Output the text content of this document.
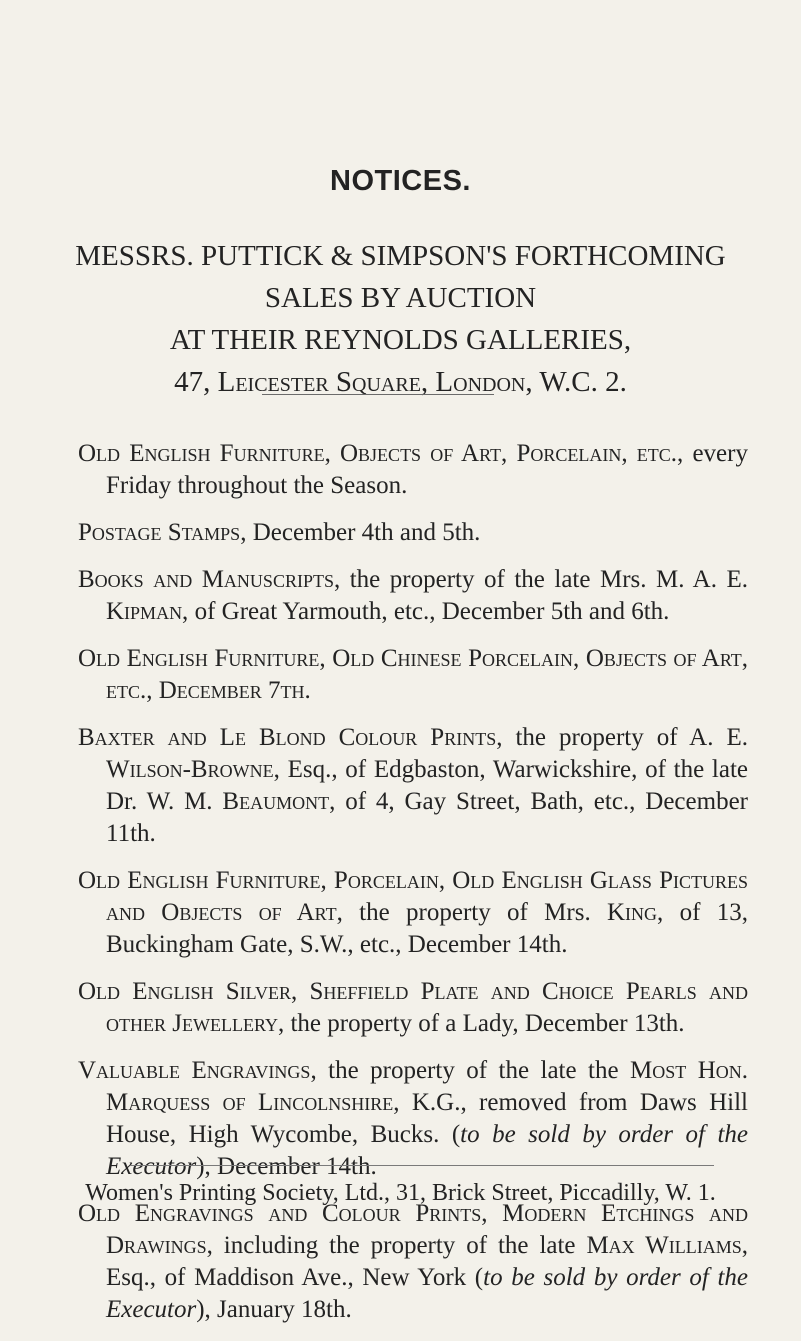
NOTICES.
MESSRS. PUTTICK & SIMPSON'S FORTHCOMING
SALES BY AUCTION
AT THEIR REYNOLDS GALLERIES,
47, Leicester Square, London, W.C. 2.

Old English Furniture, Objects of Art, Porcelain, etc., every Friday throughout the Season.

Postage Stamps, December 4th and 5th.

Books and Manuscripts, the property of the late Mrs. M. A. E. Kipman, of Great Yarmouth, etc., December 5th and 6th.

Old English Furniture, Old Chinese Porcelain, Objects of Art, etc., December 7th.

Baxter and Le Blond Colour Prints, the property of A. E. Wilson-Browne, Esq., of Edgbaston, Warwickshire, of the late Dr. W. M. Beaumont, of 4, Gay Street, Bath, etc., December 11th.

Old English Furniture, Porcelain, Old English Glass Pictures and Objects of Art, the property of Mrs. King, of 13, Buckingham Gate, S.W., etc., December 14th.

Old English Silver, Sheffield Plate and Choice Pearls and other Jewellery, the property of a Lady, December 13th.

Valuable Engravings, the property of the late the Most Hon. Marquess of Lincolnshire, K.G., removed from Daws Hill House, High Wycombe, Bucks. (to be sold by order of the Executor), December 14th.

Old Engravings and Colour Prints, Modern Etchings and Drawings, including the property of the late Max Williams, Esq., of Maddison Ave., New York (to be sold by order of the Executor), January 18th.

Women's Printing Society, Ltd., 31, Brick Street, Piccadilly, W. 1.
